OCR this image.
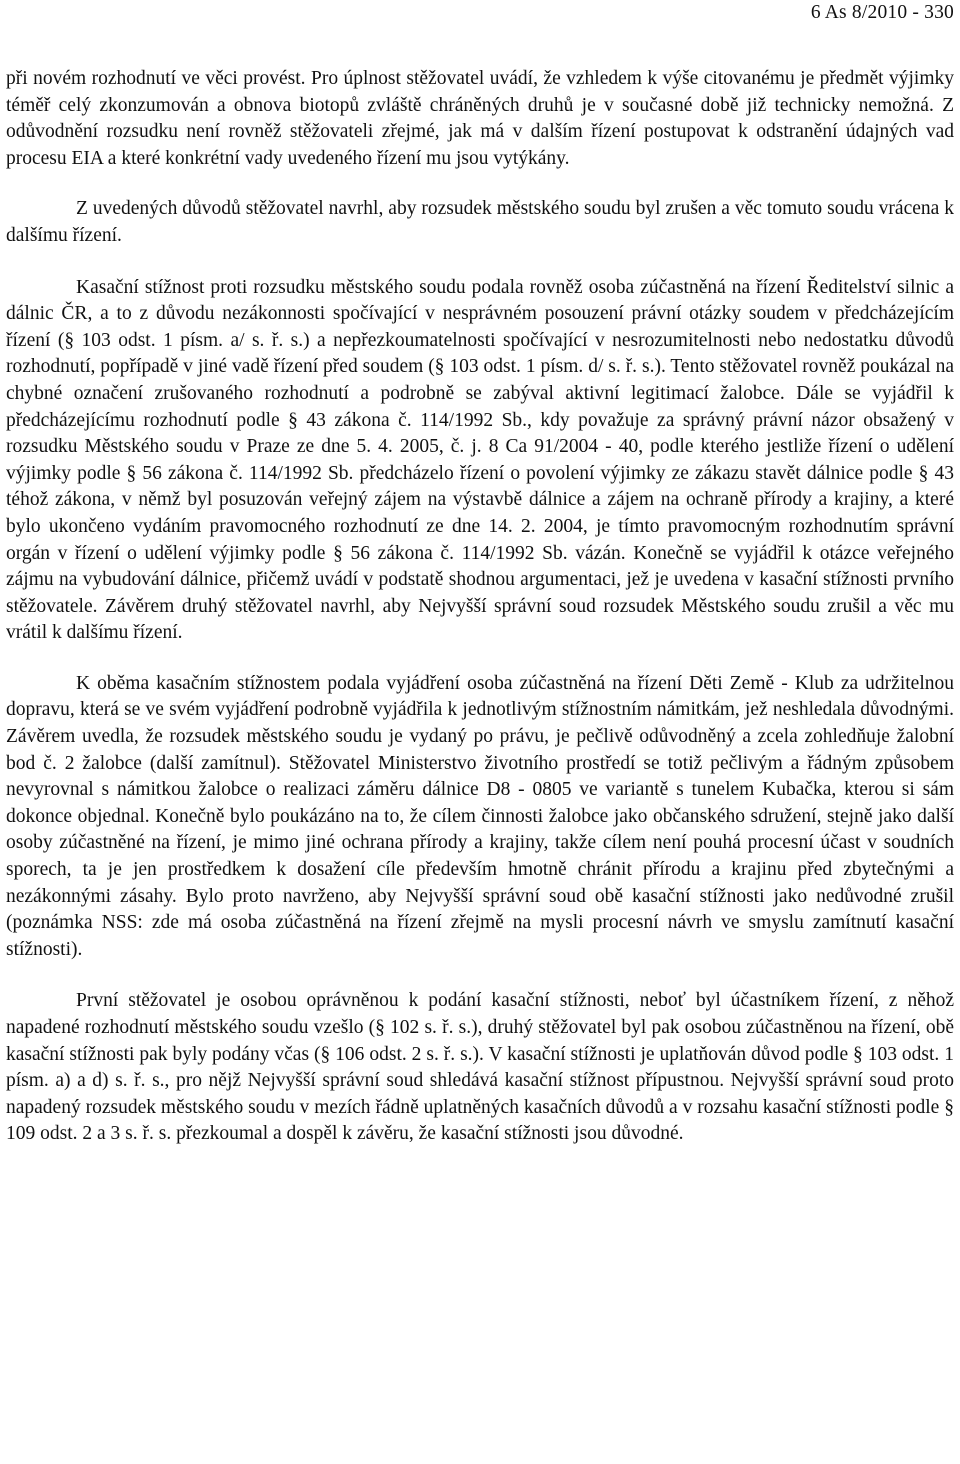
6 As 8/2010 - 330

při novém rozhodnutí ve věci provést. Pro úplnost stěžovatel uvádí, že vzhledem k výše citovanému je předmět výjimky téměř celý zkonzumován a obnova biotopů zvláště chráněných druhů je v současné době již technicky nemožná. Z odůvodnění rozsudku není rovněž stěžovateli zřejmé, jak má v dalším řízení postupovat k odstranění údajných vad procesu EIA a které konkrétní vady uvedeného řízení mu jsou vytýkány.

Z uvedených důvodů stěžovatel navrhl, aby rozsudek městského soudu byl zrušen a věc tomuto soudu vrácena k dalšímu řízení.

Kasační stížnost proti rozsudku městského soudu podala rovněž osoba zúčastněná na řízení Ředitelství silnic a dálnic ČR, a to z důvodu nezákonnosti spočívající v nesprávném posouzení právní otázky soudem v předcházejícím řízení (§ 103 odst. 1 písm. a/ s. ř. s.) a nepřezkoumatelnosti spočívající v nesrozumitelnosti nebo nedostatku důvodů rozhodnutí, popřípadě v jiné vadě řízení před soudem (§ 103 odst. 1 písm. d/ s. ř. s.). Tento stěžovatel rovněž poukázal na chybné označení zrušovaného rozhodnutí a podrobně se zabýval aktivní legitimací žalobce. Dále se vyjádřil k předcházejícímu rozhodnutí podle § 43 zákona č. 114/1992 Sb., kdy považuje za správný právní názor obsažený v rozsudku Městského soudu v Praze ze dne 5. 4. 2005, č. j. 8 Ca 91/2004 - 40, podle kterého jestliže řízení o udělení výjimky podle § 56 zákona č. 114/1992 Sb. předcházelo řízení o povolení výjimky ze zákazu stavět dálnice podle § 43 téhož zákona, v němž byl posuzován veřejný zájem na výstavbě dálnice a zájem na ochraně přírody a krajiny, a které bylo ukončeno vydáním pravomocného rozhodnutí ze dne 14. 2. 2004, je tímto pravomocným rozhodnutím správní orgán v řízení o udělení výjimky podle § 56 zákona č. 114/1992 Sb. vázán. Konečně se vyjádřil k otázce veřejného zájmu na vybudování dálnice, přičemž uvádí v podstatě shodnou argumentaci, jež je uvedena v kasační stížnosti prvního stěžovatele. Závěrem druhý stěžovatel navrhl, aby Nejvyšší správní soud rozsudek Městského soudu zrušil a věc mu vrátil k dalšímu řízení.

K oběma kasačním stížnostem podala vyjádření osoba zúčastněná na řízení Děti Země - Klub za udržitelnou dopravu, která se ve svém vyjádření podrobně vyjádřila k jednotlivým stížnostním námitkám, jež neshledala důvodnými. Závěrem uvedla, že rozsudek městského soudu je vydaný po právu, je pečlivě odůvodněný a zcela zohledňuje žalobní bod č. 2 žalobce (další zamítnul). Stěžovatel Ministerstvo životního prostředí se totiž pečlivým a řádným způsobem nevyrovnal s námitkou žalobce o realizaci záměru dálnice D8 - 0805 ve variantě s tunelem Kubačka, kterou si sám dokonce objednal. Konečně bylo poukázáno na to, že cílem činnosti žalobce jako občanského sdružení, stejně jako další osoby zúčastněné na řízení, je mimo jiné ochrana přírody a krajiny, takže cílem není pouhá procesní účast v soudních sporech, ta je jen prostředkem k dosažení cíle především hmotně chránit přírodu a krajinu před zbytečnými a nezákonnými zásahy. Bylo proto navrženo, aby Nejvyšší správní soud obě kasační stížnosti jako nedůvodné zrušil (poznámka NSS: zde má osoba zúčastněná na řízení zřejmě na mysli procesní návrh ve smyslu zamítnutí kasační stížnosti).

První stěžovatel je osobou oprávněnou k podání kasační stížnosti, neboť byl účastníkem řízení, z něhož napadené rozhodnutí městského soudu vzešlo (§ 102 s. ř. s.), druhý stěžovatel byl pak osobou zúčastněnou na řízení, obě kasační stížnosti pak byly podány včas (§ 106 odst. 2 s. ř. s.). V kasační stížnosti je uplatňován důvod podle § 103 odst. 1 písm. a) a d) s. ř. s., pro nějž Nejvyšší správní soud shledává kasační stížnost přípustnou. Nejvyšší správní soud proto napadený rozsudek městského soudu v mezích řádně uplatněných kasačních důvodů a v rozsahu kasační stížnosti podle § 109 odst. 2 a 3 s. ř. s. přezkoumal a dospěl k závěru, že kasační stížnosti jsou důvodné.
